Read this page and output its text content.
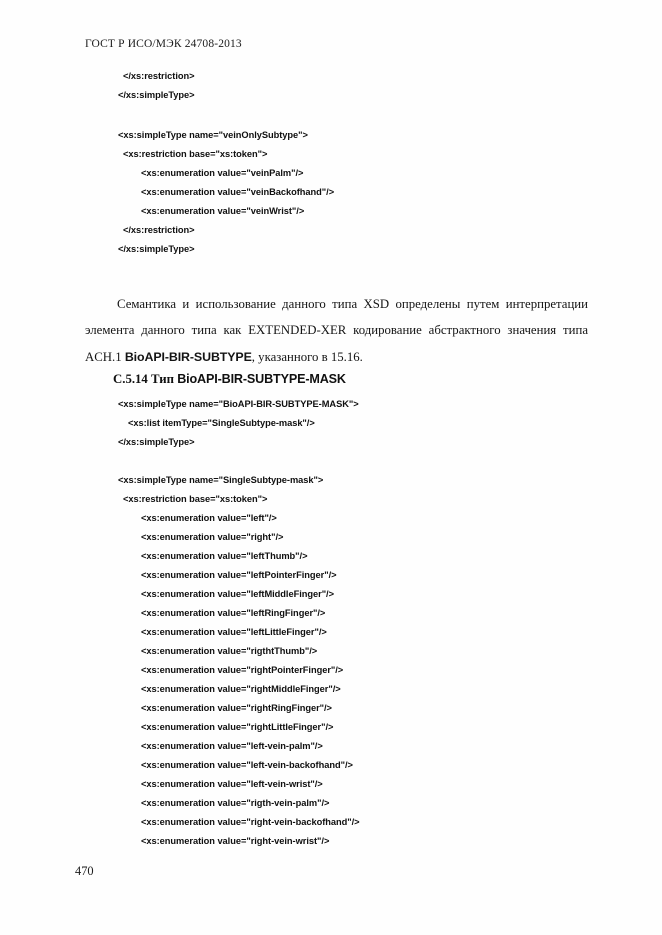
ГОСТ Р ИСО/МЭК 24708-2013
</xs:restriction>
</xs:simpleType>
<xs:simpleType name="veinOnlySubtype">
<xs:restriction base="xs:token">
<xs:enumeration value="veinPalm"/>
<xs:enumeration value="veinBackofhand"/>
<xs:enumeration value="veinWrist"/>
</xs:restriction>
</xs:simpleType>

Семантика и использование данного типа XSD определены путем интерпретации элемента данного типа как EXTENDED-XER кодирование абстрактного значения типа ACH.1 BioAPI-BIR-SUBTYPE, указанного в 15.16.

С.5.14 Тип BioAPI-BIR-SUBTYPE-MASK
<xs:simpleType name="BioAPI-BIR-SUBTYPE-MASK">
<xs:list itemType="SingleSubtype-mask"/>
</xs:simpleType>
<xs:simpleType name="SingleSubtype-mask">
<xs:restriction base="xs:token">
<xs:enumeration value="left"/>
<xs:enumeration value="right"/>
<xs:enumeration value="leftThumb"/>
<xs:enumeration value="leftPointerFinger"/>
<xs:enumeration value="leftMiddleFinger"/>
<xs:enumeration value="leftRingFinger"/>
<xs:enumeration value="leftLittleFinger"/>
<xs:enumeration value="rigthtThumb"/>
<xs:enumeration value="rightPointerFinger"/>
<xs:enumeration value="rightMiddleFinger"/>
<xs:enumeration value="rightRingFinger"/>
<xs:enumeration value="rightLittleFinger"/>
<xs:enumeration value="left-vein-palm"/>
<xs:enumeration value="left-vein-backofhand"/>
<xs:enumeration value="left-vein-wrist"/>
<xs:enumeration value="rigth-vein-palm"/>
<xs:enumeration value="right-vein-backofhand"/>
<xs:enumeration value="right-vein-wrist"/>
470
